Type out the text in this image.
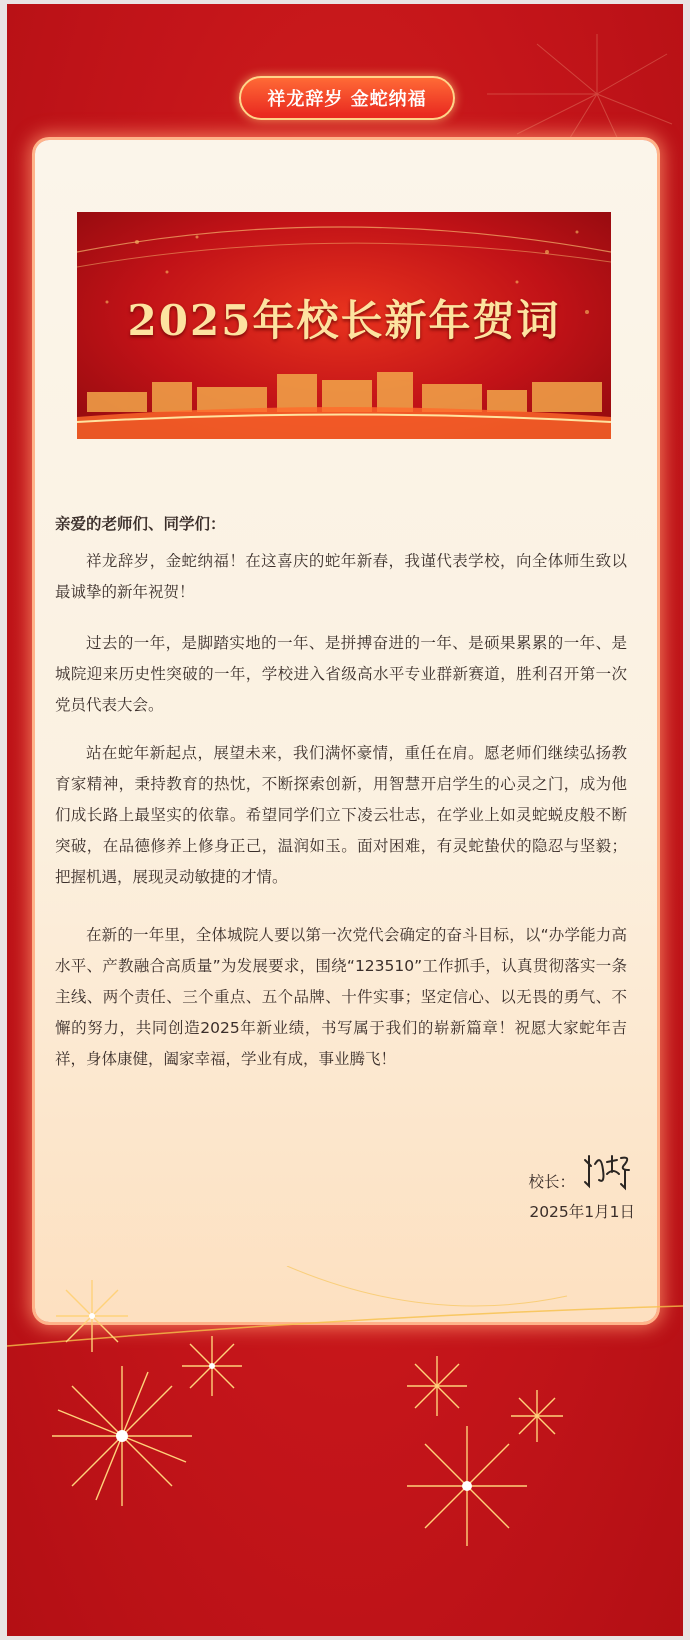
祥龙辞岁 金蛇纳福
2025年校长新年贺词
亲爱的老师们、同学们：

祥龙辞岁，金蛇纳福！在这喜庆的蛇年新春，我谨代表学校，向全体师生致以最诚挚的新年祝贺！

过去的一年，是脚踏实地的一年、是拼搏奋进的一年、是硕果累累的一年、是城院迎来历史性突破的一年，学校进入省级高水平专业群新赛道，胜利召开第一次党员代表大会。

站在蛇年新起点，展望未来，我们满怀豪情，重任在肩。愿老师们继续弘扬教育家精神，秉持教育的热忱，不断探索创新，用智慧开启学生的心灵之门，成为他们成长路上最坚实的依靠。希望同学们立下凌云壮志，在学业上如灵蛇蜕皮般不断突破，在品德修养上修身正己，温润如玉。面对困难，有灵蛇蛰伏的隐忍与坚毅；把握机遇，展现灵动敏捷的才情。

在新的一年里，全体城院人要以第一次党代会确定的奋斗目标，以“办学能力高水平、产教融合高质量”为发展要求，围绕“123510”工作抓手，认真贯彻落实一条主线、两个责任、三个重点、五个品牌、十件实事；坚定信心、以无畏的勇气、不懈的努力，共同创造2025年新业绩，书写属于我们的崭新篇章！祝愿大家蛇年吉祥，身体康健，阖家幸福，学业有成，事业腾飞！

校长：
2025年1月1日
